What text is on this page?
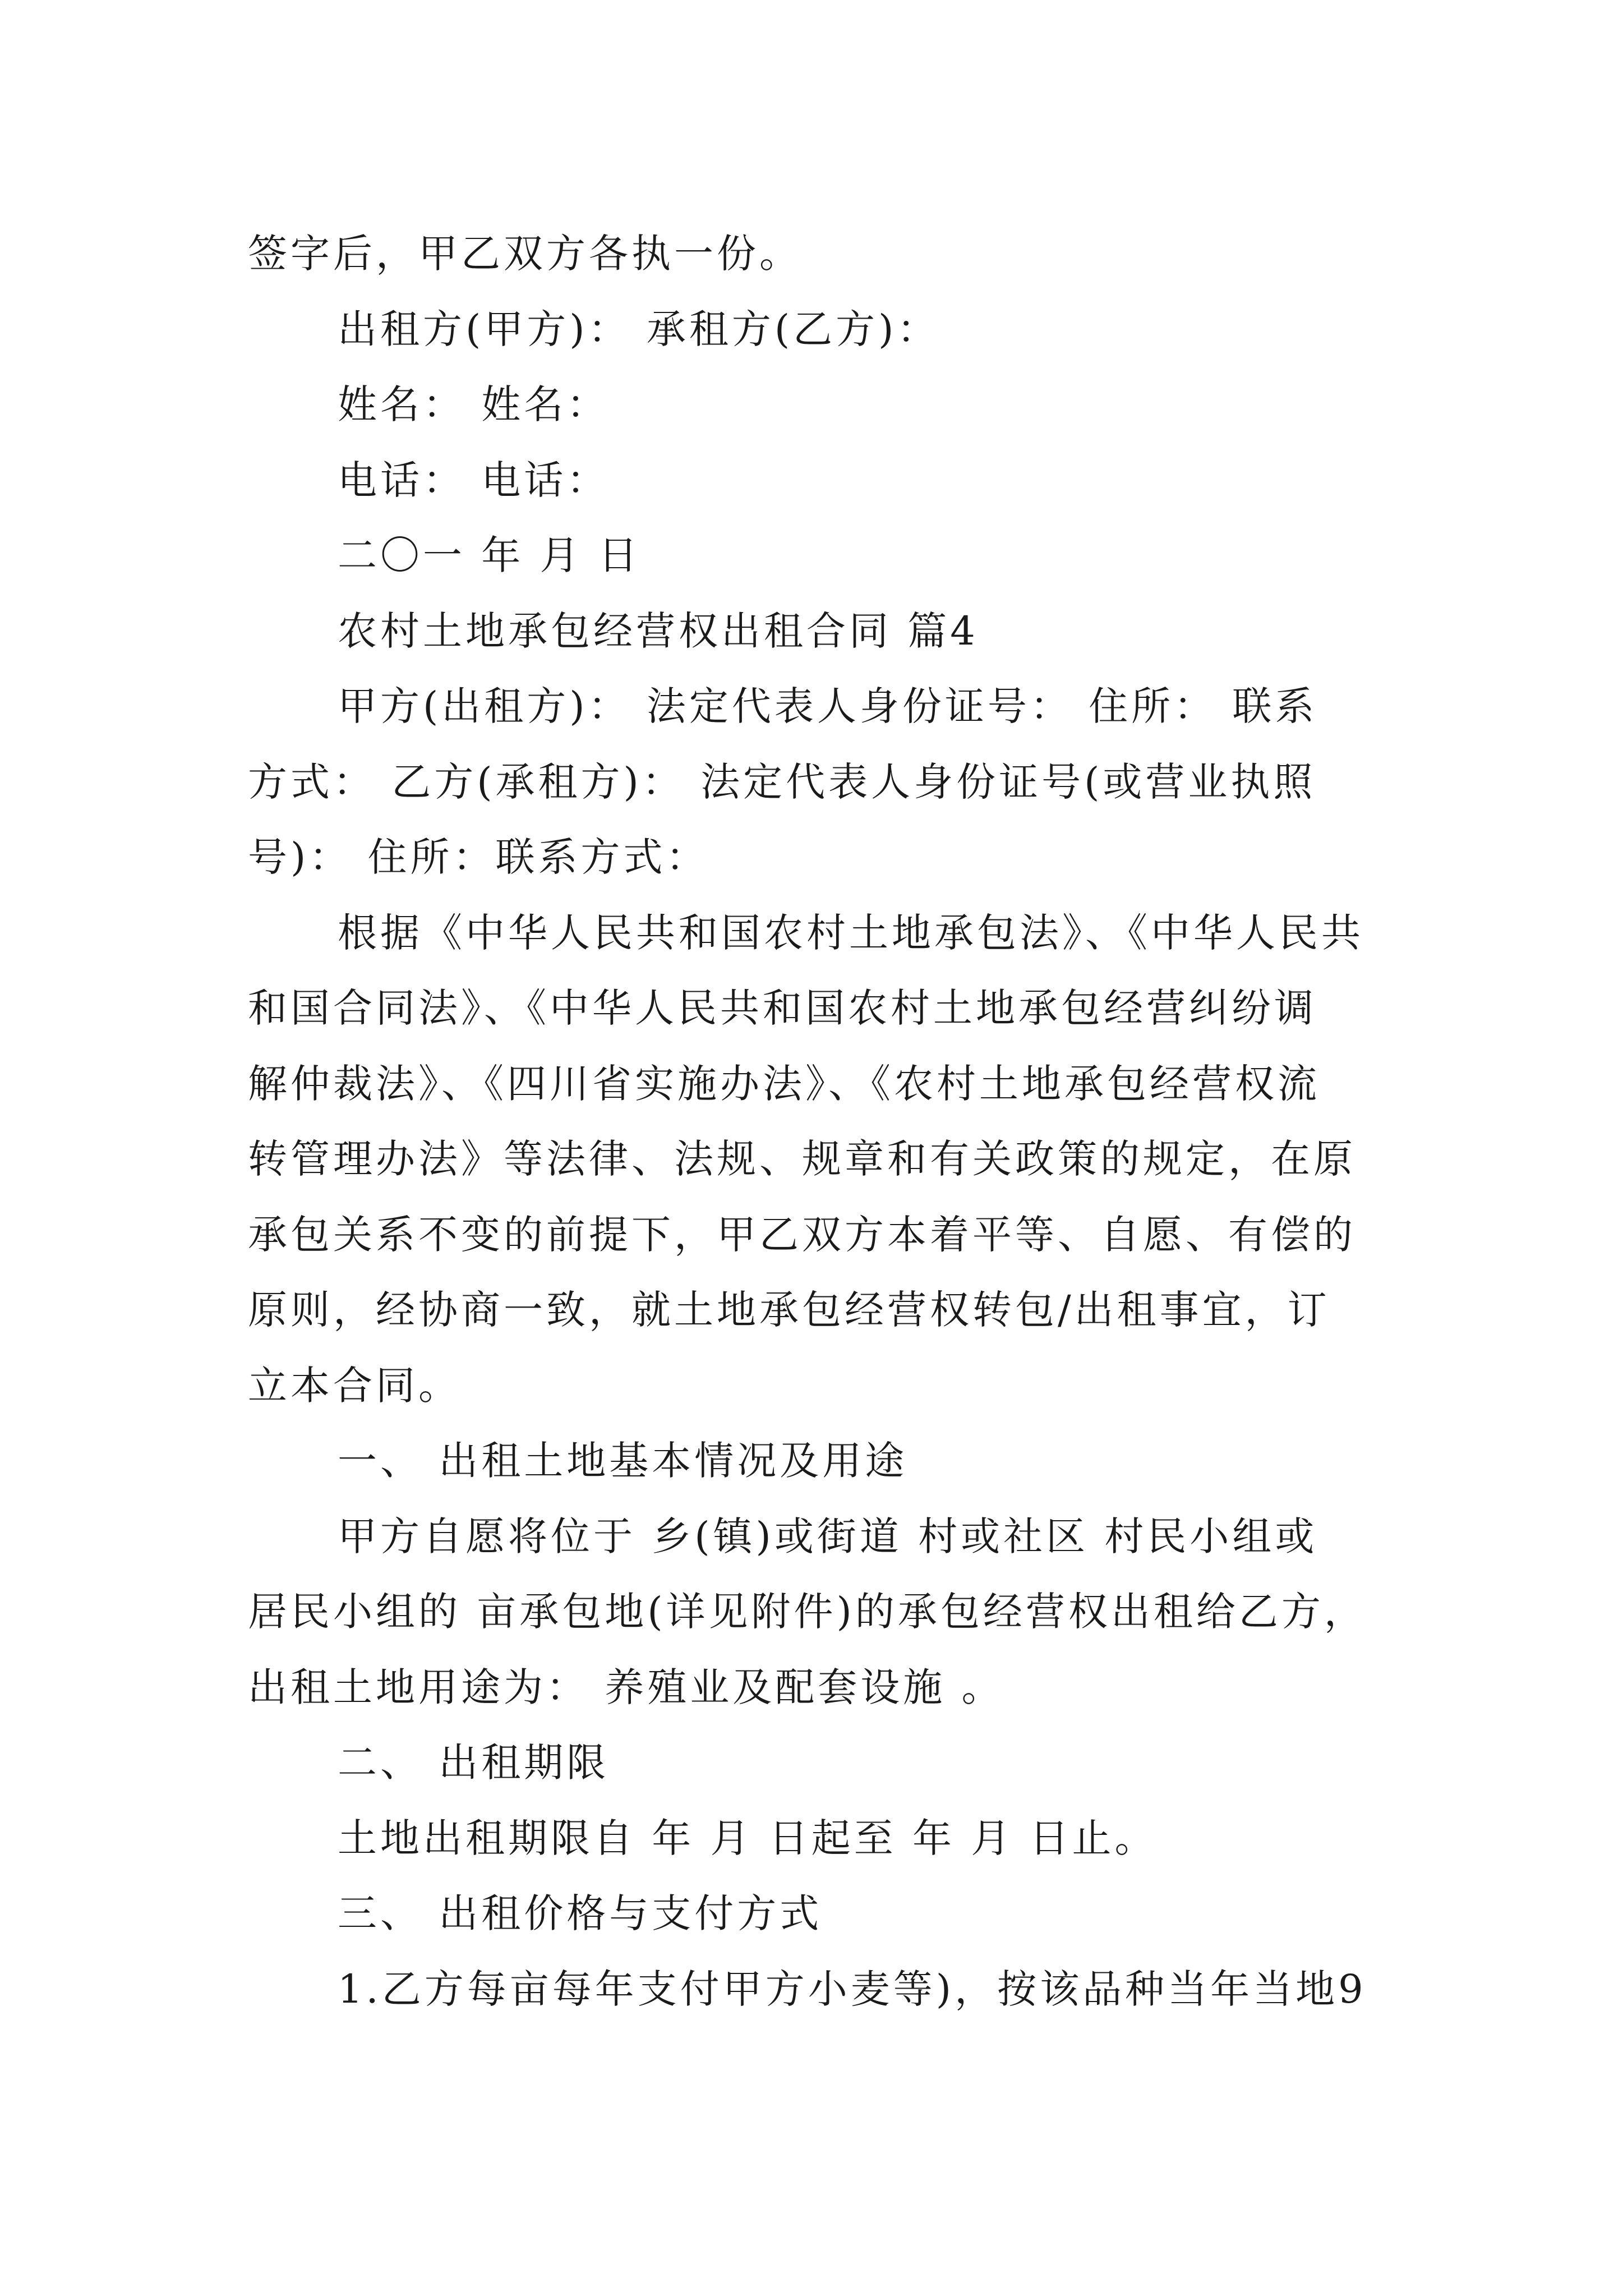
签字后，甲乙双方各执一份。

出租方(甲方)： 承租方(乙方)：

姓名： 姓名：

电话： 电话：

二〇一 年 月 日

农村土地承包经营权出租合同 篇4

甲方(出租方)： 法定代表人身份证号： 住所： 联系

方式： 乙方(承租方)： 法定代表人身份证号(或营业执照

号)： 住所：联系方式：

根据《中华人民共和国农村土地承包法》、《中华人民共

和国合同法》、《中华人民共和国农村土地承包经营纠纷调

解仲裁法》、《四川省实施办法》、《农村土地承包经营权流

转管理办法》等法律、法规、规章和有关政策的规定，在原

承包关系不变的前提下，甲乙双方本着平等、自愿、有偿的

原则，经协商一致，就土地承包经营权转包/出租事宜，订

立本合同。

一、 出租土地基本情况及用途

甲方自愿将位于 乡(镇)或街道 村或社区 村民小组或

居民小组的 亩承包地(详见附件)的承包经营权出租给乙方，

出租土地用途为： 养殖业及配套设施 。

二、 出租期限

土地出租期限自 年 月 日起至 年 月 日止。

三、 出租价格与支付方式

1.乙方每亩每年支付甲方小麦等)，按该品种当年当地9
